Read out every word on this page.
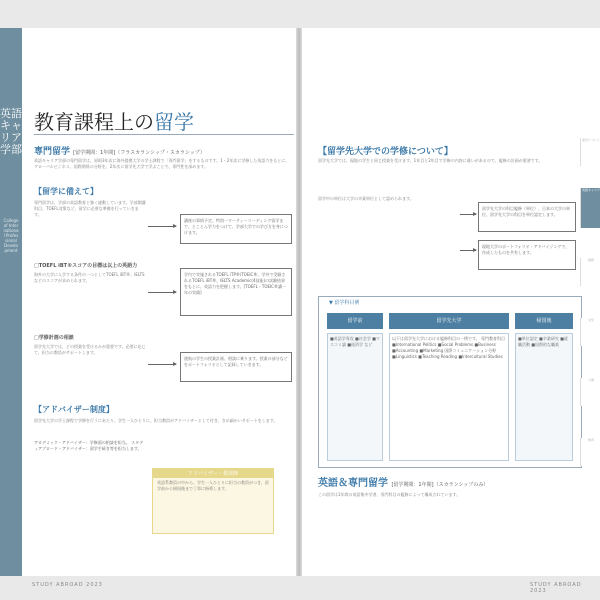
英語キャリア学部
College of International Professional Development
教育課程上の留学
専門留学 [留学期間：1年間]（フラスカランシップ・スカラシップ）
英語キャリア学部の専門留学は、原則3年次に海外提携大学の学士課程で「専門留学」をするものです。1・2年次に学修した英語力をもとに、グローバルビジネス、国際関係の分野を、2年次に留学先大学で学ぶことで、専門性を深めます。
【留学に備えて】
専門留学は、学部の英語教育と強く連動しています。学部開講科目、TOEFL対策など、留学に必要な準備を行っていきます。
講座の事情予定、特別一ワーティーリーディング留学まで、とことん学力をつけて、学部大学での学び方を身につけます。
□TOEFL iBT®スコアの目標は以上の英語力
海外の大学に入学する条件の一つとしてTOEFL iBT®、IELTSなどのスコアが求められます。
学内で実施されるTOEFL iTP®/TOEIC®、学外で受験されるTOEFL iBT®、IELTS Academic(4技能)の試験結果をもとに、英語力を把握します。[TOEFL・TOEIC®講一年の実績]
□学修計画の相談
留学先大学では、どの授業を受けるかが重要です。必要に応じて、担当の教員がサポートします。
渡航の学生の授業計画、相談に乗ります。授業の部分などをポートフォリオとして記録していきます。
【アドバイザー制度】
留学先大学の学士課程で学修を行うにあたり、学生一人ひとりに、担当教員がアドバイザーとして付き、きめ細かいサポートをします。
アカデミック・アドバイザー：学修面の相談を担当。 スタディアブロード・アドバイザー：留学手続き等を担当します。
アドバイザー・教授陣
英語系教員の中から、学生一人ひとりに担当の教員がつき、留学前から帰国後まで丁寧に指導します。
STUDY ABROAD 2023
【留学先大学での学修について】
留学先大学では、現地の学生と同じ授業を受けます。1年目と2年目で学修の内容に違いがあるので、履修の計画が重要です。
留学中の単位は大学の卒業単位として認められます。
留学先大学の科目履修（単位）、日本の大学の単位、留学先大学の科目を単位認定します。
現地大学のポートフォリオ・アドバイジングで、作成したものを共有します。
▼ 留学科目例
留学前	留学先大学	帰国後
■英語学専攻 ■社会学 ■マスコミ論 ■経済学 など
以下は留学先大学における履修科目の一例です。 専門教育科目 ■International Politics ■Social Problems ■Business ■Accounting ■Marketing 国際コミュニケーション分野 ■Linguistics ■Teaching Reading ■Intercultural Studies
■単位認定 ■卒業研究 ■就職活動 ■国際的な職業
英語＆専門留学 [留学期間：1年間]（スカランシップのみ）
この留学は1年間の英語集中学習、専門科目の履修によって構成されています。
STUDY ABROAD 2023
留学について
英語キャリア
国際
文学
人間
教育
